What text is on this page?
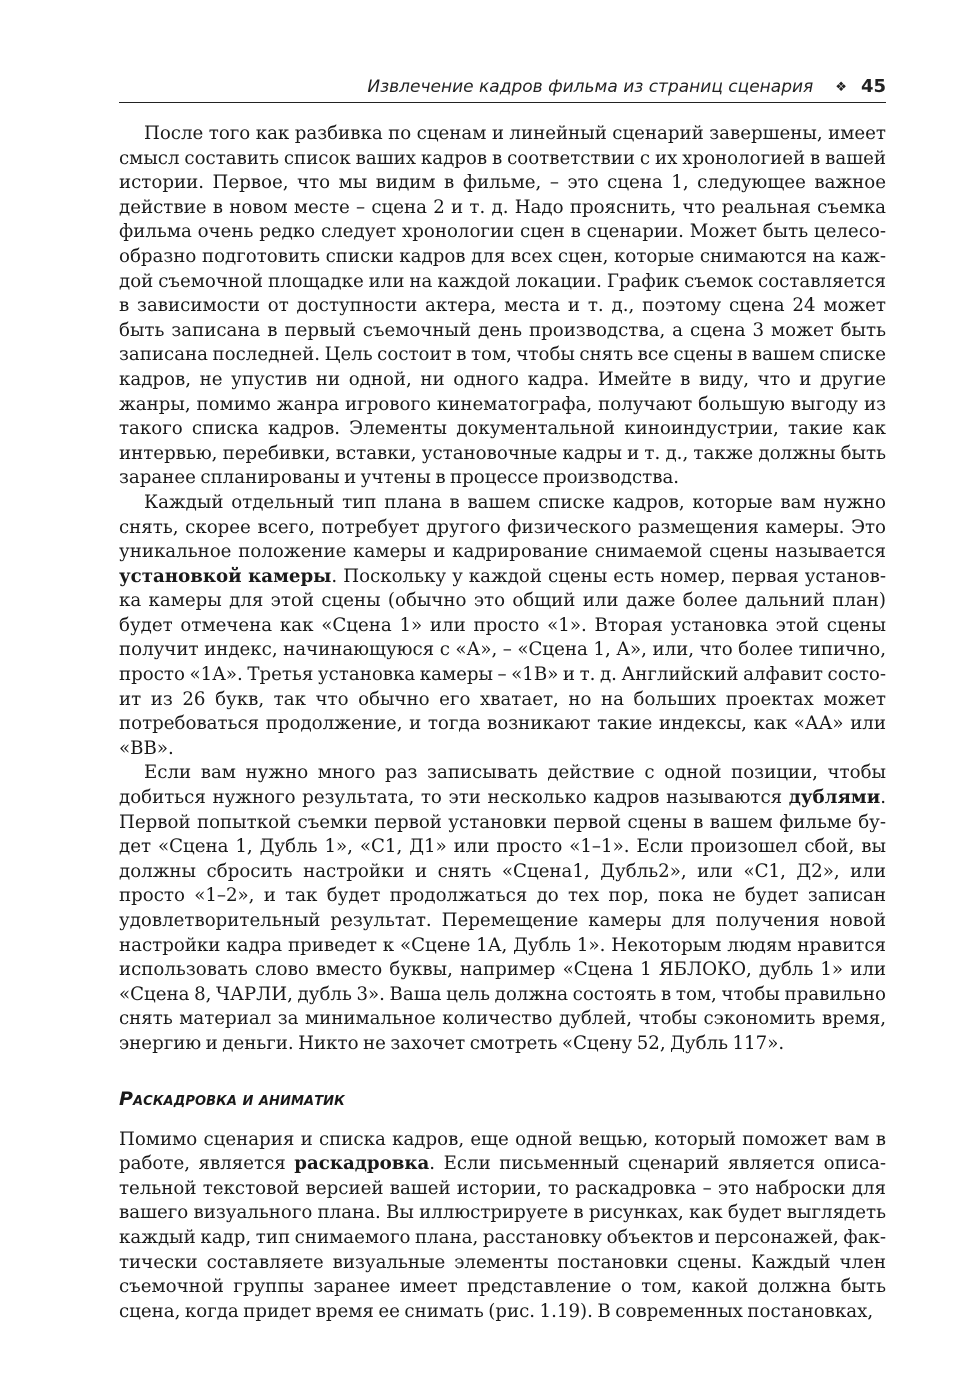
Извлечение кадров фильма из страниц сценария ❖ 45

После того как разбивка по сценам и линейный сценарий завершены, имеет смысл составить список ваших кадров в соответствии с их хронологией в вашей истории. Первое, что мы видим в фильме, – это сцена 1, следующее важное действие в новом месте – сцена 2 и т. д. Надо прояснить, что реальная съемка фильма очень редко следует хронологии сцен в сценарии. Может быть целесообразно подготовить списки кадров для всех сцен, которые снимаются на каждой съемочной площадке или на каждой локации. График съемок составляется в зависимости от доступности актера, места и т. д., поэтому сцена 24 может быть записана в первый съемочный день производства, а сцена 3 может быть записана последней. Цель состоит в том, чтобы снять все сцены в вашем списке кадров, не упустив ни одной, ни одного кадра. Имейте в виду, что и другие жанры, помимо жанра игрового кинематографа, получают большую выгоду из такого списка кадров. Элементы документальной киноиндустрии, такие как интервью, перебивки, вставки, установочные кадры и т. д., также должны быть заранее спланированы и учтены в процессе производства.

Каждый отдельный тип плана в вашем списке кадров, которые вам нужно снять, скорее всего, потребует другого физического размещения камеры. Это уникальное положение камеры и кадрирование снимаемой сцены называется установкой камеры. Поскольку у каждой сцены есть номер, первая установка камеры для этой сцены (обычно это общий или даже более дальний план) будет отмечена как «Сцена 1» или просто «1». Вторая установка этой сцены получит индекс, начинающуюся с «А», – «Сцена 1, А», или, что более типично, просто «1А». Третья установка камеры – «1В» и т. д. Английский алфавит состоит из 26 букв, так что обычно его хватает, но на больших проектах может потребоваться продолжение, и тогда возникают такие индексы, как «АА» или «ВВ».

Если вам нужно много раз записывать действие с одной позиции, чтобы добиться нужного результата, то эти несколько кадров называются дублями. Первой попыткой съемки первой установки первой сцены в вашем фильме будет «Сцена 1, Дубль 1», «С1, Д1» или просто «1–1». Если произошел сбой, вы должны сбросить настройки и снять «Сцена1, Дубль2», или «С1, Д2», или просто «1–2», и так будет продолжаться до тех пор, пока не будет записан удовлетворительный результат. Перемещение камеры для получения новой настройки кадра приведет к «Сцене 1А, Дубль 1». Некоторым людям нравится использовать слово вместо буквы, например «Сцена 1 ЯБЛОКО, дубль 1» или «Сцена 8, ЧАРЛИ, дубль 3». Ваша цель должна состоять в том, чтобы правильно снять материал за минимальное количество дублей, чтобы сэкономить время, энергию и деньги. Никто не захочет смотреть «Сцену 52, Дубль 117».

Раскадровка и аниматик

Помимо сценария и списка кадров, еще одной вещью, который поможет вам в работе, является раскадровка. Если письменный сценарий является описательной текстовой версией вашей истории, то раскадровка – это наброски для вашего визуального плана. Вы иллюстрируете в рисунках, как будет выглядеть каждый кадр, тип снимаемого плана, расстановку объектов и персонажей, фактически составляете визуальные элементы постановки сцены. Каждый член съемочной группы заранее имеет представление о том, какой должна быть сцена, когда придет время ее снимать (рис. 1.19). В современных постановках,
